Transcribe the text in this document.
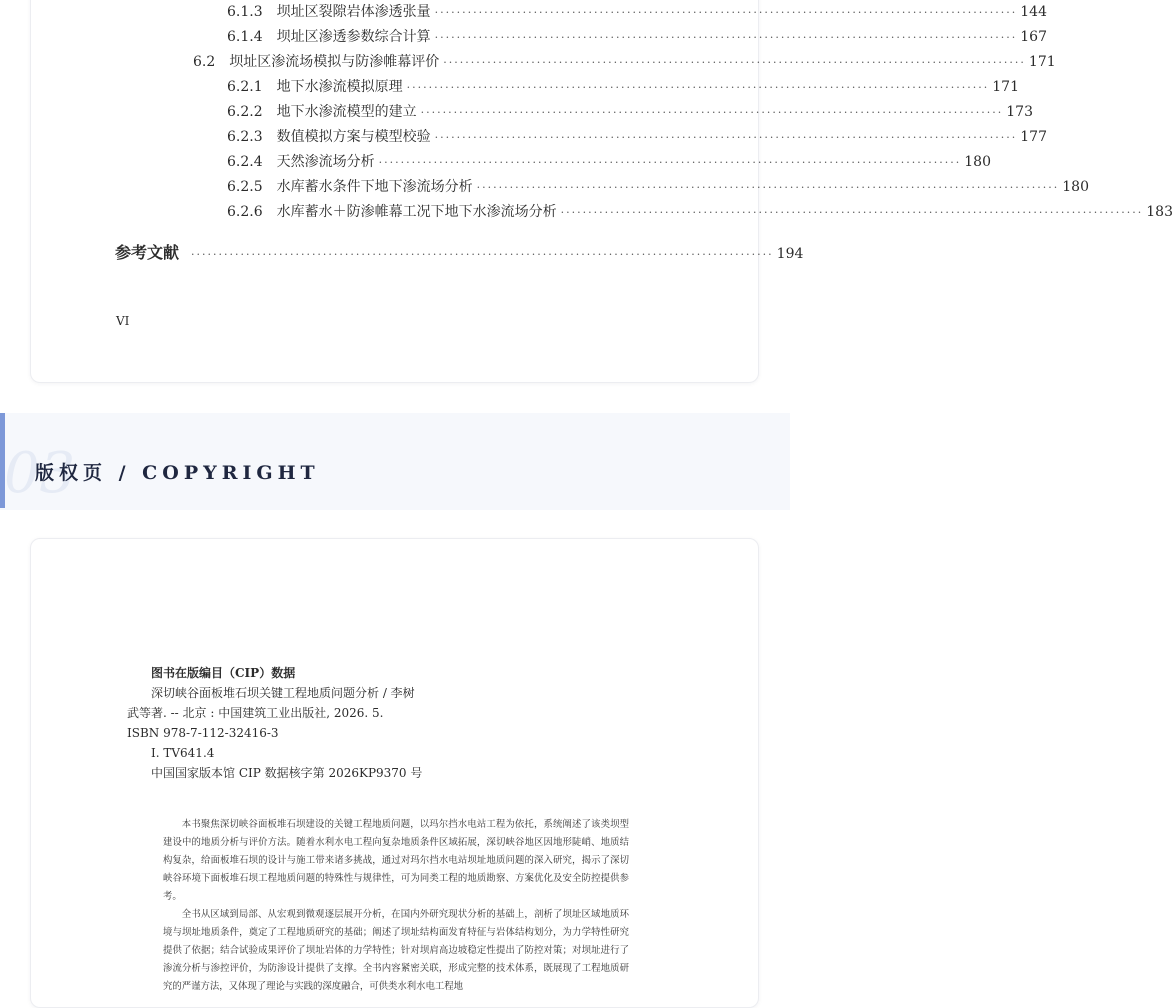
6.1.3 坝址区裂隙岩体渗透张量 ·········································································································· 144
6.1.4 坝址区渗透参数综合计算 ·········································································································· 167
6.2 坝址区渗流场模拟与防渗帷幕评价 ·········································································································· 171
6.2.1 地下水渗流模拟原理 ·········································································································· 171
6.2.2 地下水渗流模型的建立 ·········································································································· 173
6.2.3 数值模拟方案与模型校验 ·········································································································· 177
6.2.4 天然渗流场分析 ·········································································································· 180
6.2.5 水库蓄水条件下地下渗流场分析 ·········································································································· 180
6.2.6 水库蓄水＋防渗帷幕工况下地下水渗流场分析 ·········································································································· 183
参考文献 ·········································································································· 194
VI
03
版权页 / COPYRIGHT
图书在版编目（CIP）数据
深切峡谷面板堆石坝关键工程地质问题分析 / 李树
武等著. -- 北京 : 中国建筑工业出版社, 2026. 5.
ISBN 978-7-112-32416-3
Ⅰ. TV641.4
中国国家版本馆 CIP 数据核字第 2026KP9370 号

本书聚焦深切峡谷面板堆石坝建设的关键工程地质问题，以玛尔挡水电站工程为依托，系统阐述了该类坝型建设中的地质分析与评价方法。随着水利水电工程向复杂地质条件区域拓展，深切峡谷地区因地形陡峭、地质结构复杂，给面板堆石坝的设计与施工带来诸多挑战，通过对玛尔挡水电站坝址地质问题的深入研究，揭示了深切峡谷环境下面板堆石坝工程地质问题的特殊性与规律性，可为同类工程的地质勘察、方案优化及安全防控提供参考。

全书从区域到局部、从宏观到微观逐层展开分析，在国内外研究现状分析的基础上，剖析了坝址区域地质环境与坝址地质条件，奠定了工程地质研究的基础；阐述了坝址结构面发育特征与岩体结构划分，为力学特性研究提供了依据；结合试验成果评价了坝址岩体的力学特性；针对坝肩高边坡稳定性提出了防控对策；对坝址进行了渗流分析与渗控评价，为防渗设计提供了支撑。全书内容紧密关联，形成完整的技术体系，既展现了工程地质研究的严谨方法，又体现了理论与实践的深度融合，可供类水利水电工程地
